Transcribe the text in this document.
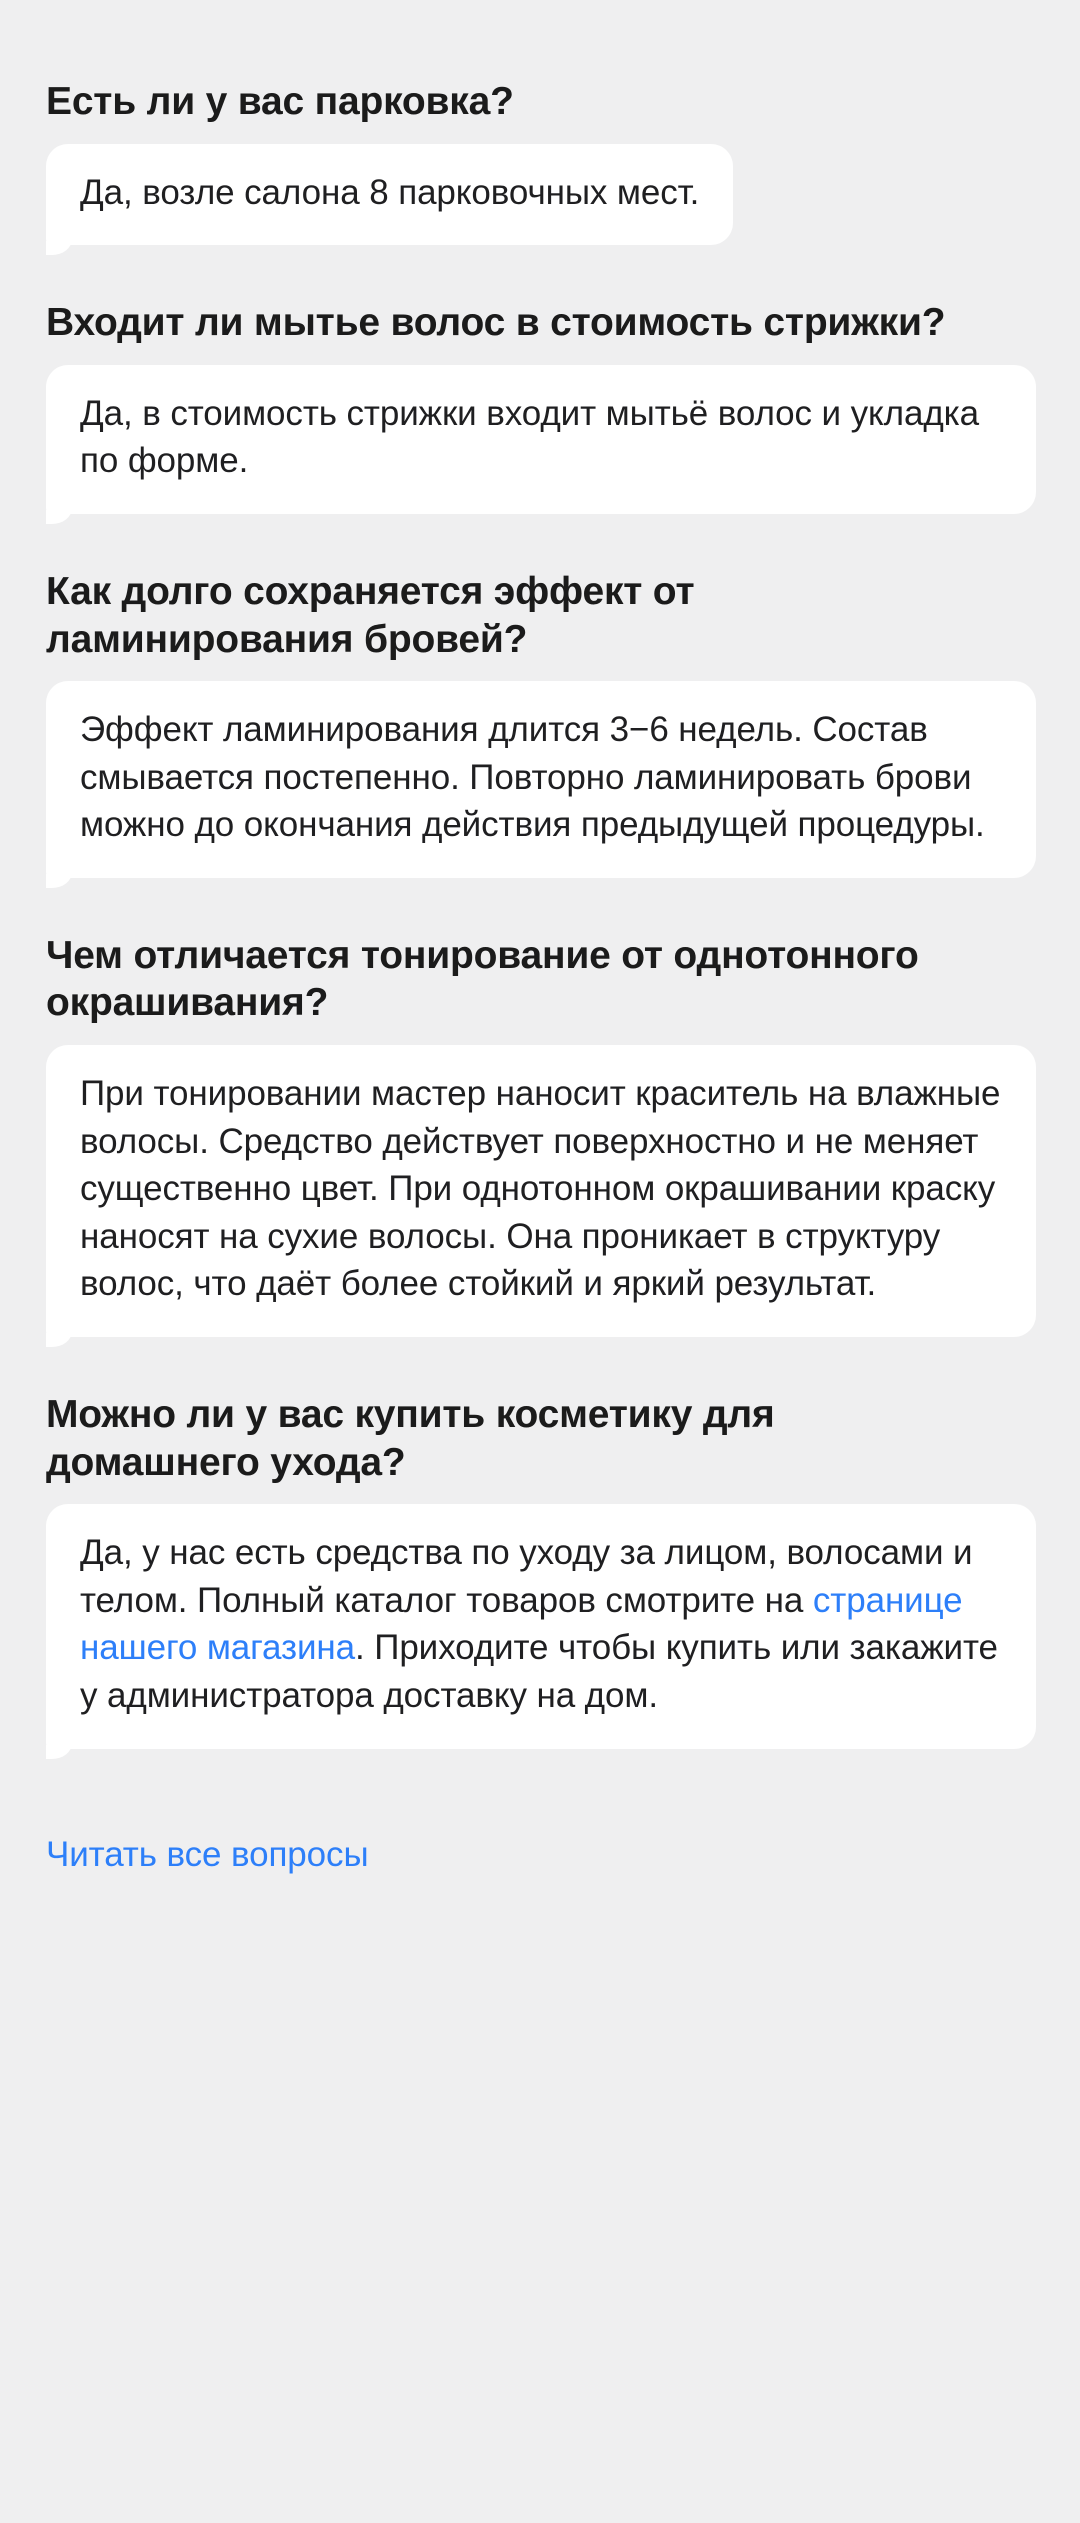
Есть ли у вас парковка?

Да, возле салона 8 парковочных мест.

Входит ли мытье волос в стоимость стрижки?

Да, в стоимость стрижки входит мытьё волос и укладка по форме.

Как долго сохраняется эффект от ламинирования бровей?

Эффект ламинирования длится 3−6 недель. Состав смывается постепенно. Повторно ламинировать брови можно до окончания действия предыдущей процедуры.

Чем отличается тонирование от однотонного окрашивания?

При тонировании мастер наносит краситель на влажные волосы. Средство действует поверхностно и не меняет существенно цвет. При однотонном окрашивании краску наносят на сухие волосы. Она проникает в структуру волос, что даёт более стойкий и яркий результат.

Можно ли у вас купить косметику для домашнего ухода?

Да, у нас есть средства по уходу за лицом, волосами и телом. Полный каталог товаров смотрите на странице нашего магазина. Приходите чтобы купить или закажите у администратора доставку на дом.

Читать все вопросы
